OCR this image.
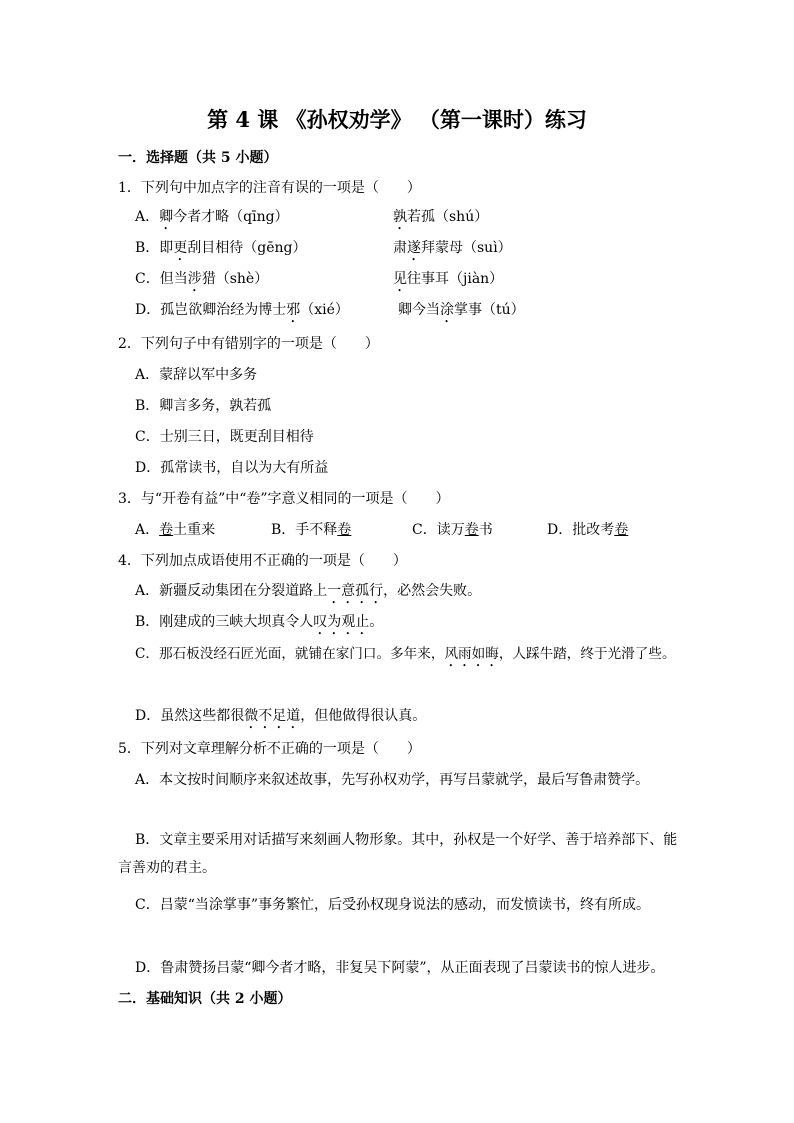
第 4 课 《孙权劝学》 （第一课时）练习
一．选择题（共 5 小题）
1．下列句中加点字的注音有误的一项是（　　）
A．卿今者才略（qīng）	孰若孤（shú）
B．即更刮目相待（gēng）	肃遂拜蒙母（suì）
C．但当涉猎（shè）	见往事耳（jiàn）
D．孤岂欲卿治经为博士邪（xié）	卿今当涂掌事（tú）
2．下列句子中有错别字的一项是（　　）
A．蒙辞以军中多务
B．卿言多务，孰若孤
C．士别三日，既更刮目相待
D．孤常读书，自以为大有所益
3．与“开卷有益”中“卷”字意义相同的一项是（　　）
A．卷土重来	B．手不释卷	C．读万卷书	D．批改考卷
4．下列加点成语使用不正确的一项是（　　）
A．新疆反动集团在分裂道路上一意孤行，必然会失败。
B．刚建成的三峡大坝真令人叹为观止。
C．那石板没经石匠光面，就铺在家门口。多年来，风雨如晦，人踩牛踏，终于光滑了些。
D．虽然这些都很微不足道，但他做得很认真。
5．下列对文章理解分析不正确的一项是（　　）
A．本文按时间顺序来叙述故事，先写孙权劝学，再写吕蒙就学，最后写鲁肃赞学。
B．文章主要采用对话描写来刻画人物形象。其中，孙权是一个好学、善于培养部下、能言善劝的君主。
C．吕蒙“当涂掌事”事务繁忙，后受孙权现身说法的感动，而发愤读书，终有所成。
D．鲁肃赞扬吕蒙“卿今者才略，非复吴下阿蒙”，从正面表现了吕蒙读书的惊人进步。
二．基础知识（共 2 小题）
